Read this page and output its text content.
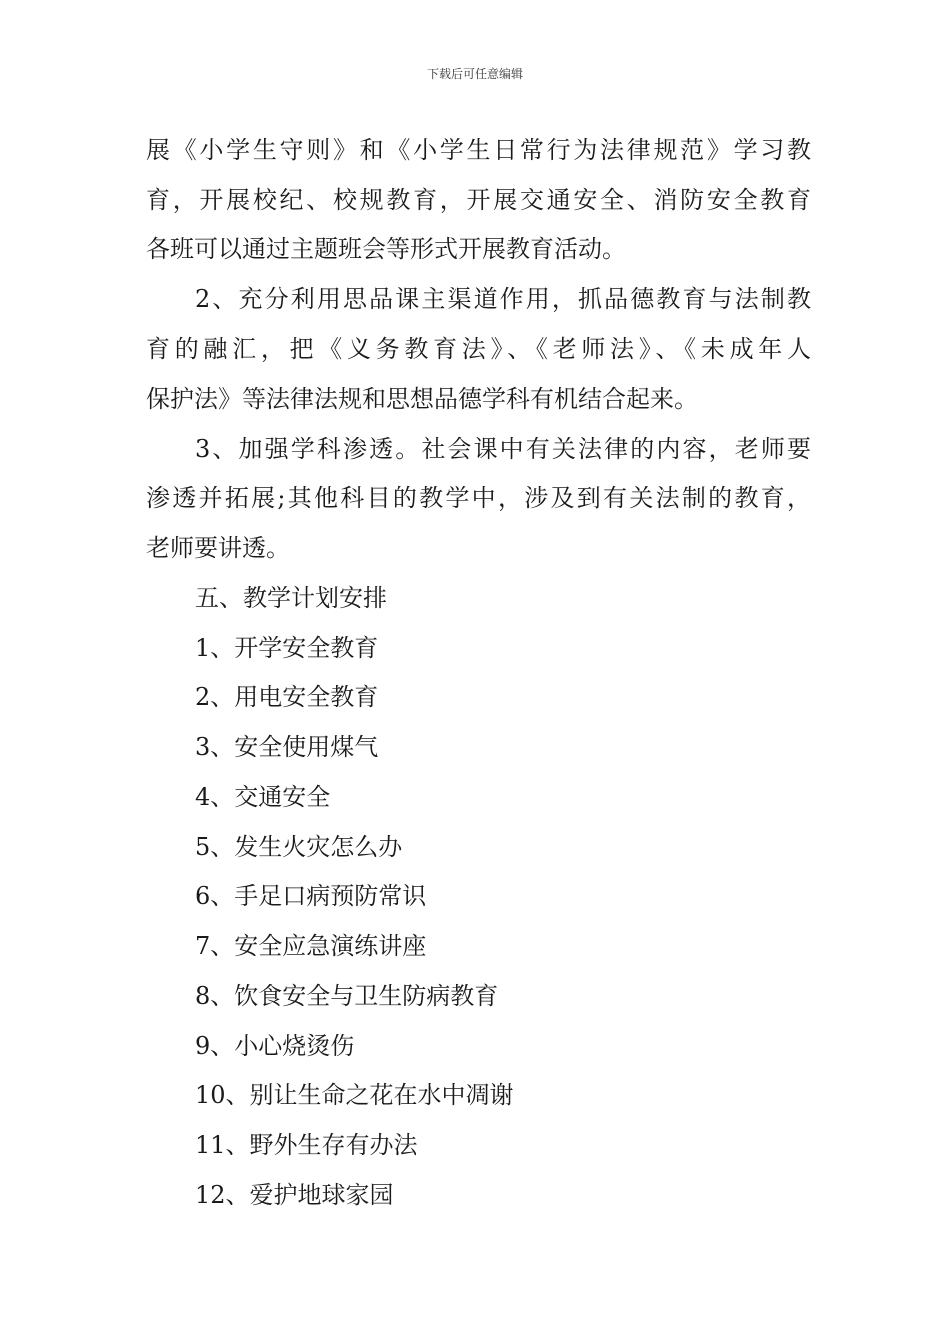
下载后可任意编辑
展《小学生守则》和《小学生日常行为法律规范》学习教
育，开展校纪、校规教育，开展交通安全、消防安全教育
各班可以通过主题班会等形式开展教育活动。
2、充分利用思品课主渠道作用，抓品德教育与法制教
育的融汇，把《义务教育法》、《老师法》、《未成年人
保护法》等法律法规和思想品德学科有机结合起来。
3、加强学科渗透。社会课中有关法律的内容，老师要
渗透并拓展;其他科目的教学中，涉及到有关法制的教育，
老师要讲透。
五、教学计划安排
1、开学安全教育
2、用电安全教育
3、安全使用煤气
4、交通安全
5、发生火灾怎么办
6、手足口病预防常识
7、安全应急演练讲座
8、饮食安全与卫生防病教育
9、小心烧烫伤
10、别让生命之花在水中凋谢
11、野外生存有办法
12、爱护地球家园
